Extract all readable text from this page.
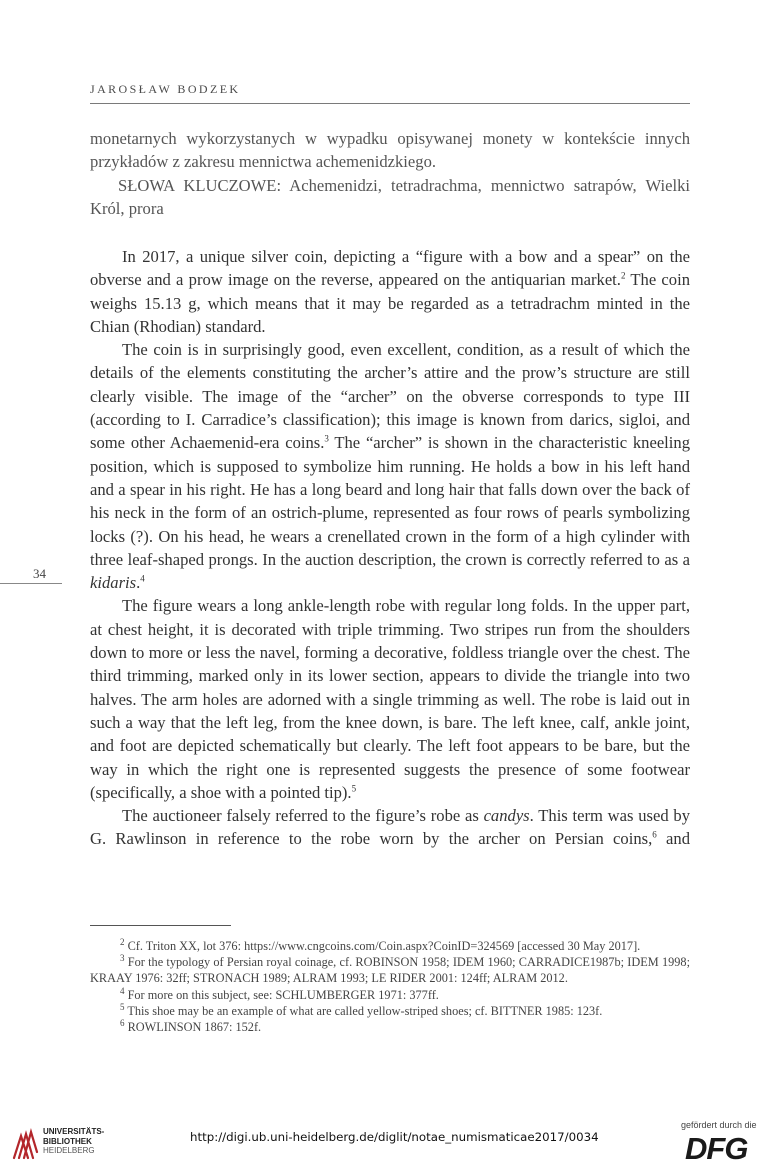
JAROSŁAW BODZEK

monetarnych wykorzystanych w wypadku opisywanej monety w kontekście innych przykładów z zakresu mennictwa achemenidzkiego.

SŁOWA KLUCZOWE: Achemenidzi, tetradrachma, mennictwo satrapów, Wielki Król, prora

In 2017, a unique silver coin, depicting a “figure with a bow and a spear” on the obverse and a prow image on the reverse, appeared on the antiquarian market.$^2$ The coin weighs 15.13 g, which means that it may be regarded as a tetradrachm minted in the Chian (Rhodian) standard.

The coin is in surprisingly good, even excellent, condition, as a result of which the details of the elements constituting the archer’s attire and the prow’s structure are still clearly visible. The image of the “archer” on the obverse corresponds to type III (according to I. Carradice’s classification); this image is known from darics, sigloi, and some other Achaemenid-era coins.$^3$ The “archer” is shown in the characteristic kneeling position, which is supposed to symbolize him running. He holds a bow in his left hand and a spear in his right. He has a long beard and long hair that falls down over the back of his neck in the form of an ostrich-plume, represented as four rows of pearls symbolizing locks (?). On his head, he wears a crenellated crown in the form of a high cylinder with three leaf-shaped prongs. In the auction description, the crown is correctly referred to as a kidaris.$^4$

The figure wears a long ankle-length robe with regular long folds. In the upper part, at chest height, it is decorated with triple trimming. Two stripes run from the shoulders down to more or less the navel, forming a decorative, foldless triangle over the chest. The third trimming, marked only in its lower section, appears to divide the triangle into two halves. The arm holes are adorned with a single trimming as well. The robe is laid out in such a way that the left leg, from the knee down, is bare. The left knee, calf, ankle joint, and foot are depicted schematically but clearly. The left foot appears to be bare, but the way in which the right one is represented suggests the presence of some footwear (specifically, a shoe with a pointed tip).$^5$

The auctioneer falsely referred to the figure’s robe as candys. This term was used by G. Rawlinson in reference to the robe worn by the archer on Persian coins,$^6$ and

34

$^2$ Cf. Triton XX, lot 376: https://www.cngcoins.com/Coin.aspx?CoinID=324569 [accessed 30 May 2017].

$^3$ For the typology of Persian royal coinage, cf. ROBINSON 1958; IDEM 1960; CARRADICE1987b; IDEM 1998; KRAAY 1976: 32ff; STRONACH 1989; ALRAM 1993; LE RIDER 2001: 124ff; ALRAM 2012.

$^4$ For more on this subject, see: SCHLUMBERGER 1971: 377ff.

$^5$ This shoe may be an example of what are called yellow-striped shoes; cf. BITTNER 1985: 123f.

$^6$ ROWLINSON 1867: 152f.

UNIVERSITÄTS-
BIBLIOTHEK
HEIDELBERG
http://digi.ub.uni-heidelberg.de/diglit/notae_numismaticae2017/0034
gefördert durch die
DFG
